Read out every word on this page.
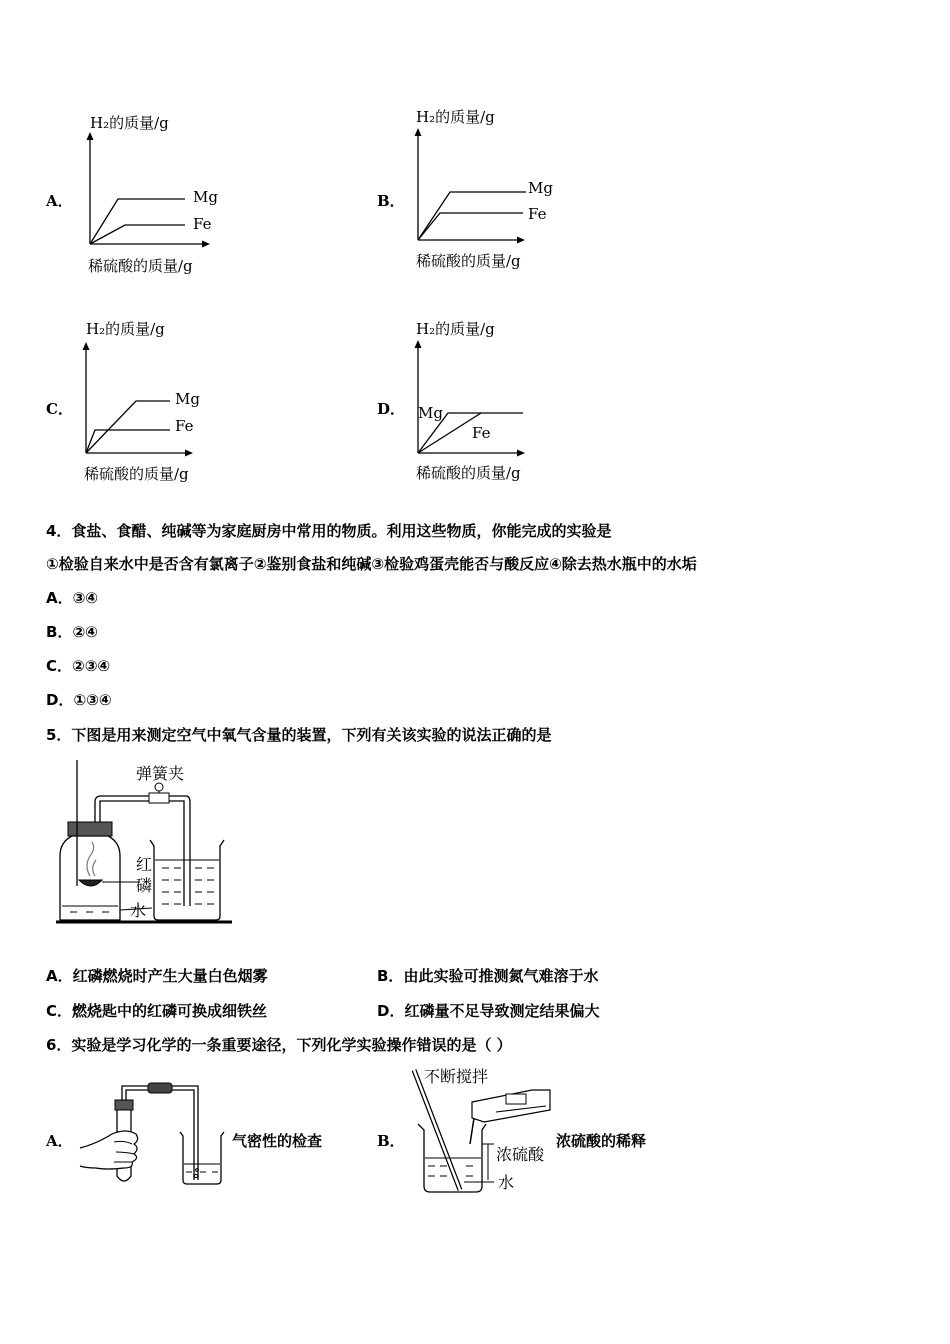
A．
H₂的质量/g
Mg
Fe
稀硫酸的质量/g
B．
H₂的质量/g
Mg
Fe
稀硫酸的质量/g
C．
H₂的质量/g
Mg
Fe
稀硫酸的质量/g
D．
H₂的质量/g
Mg
Fe
稀硫酸的质量/g
4．食盐、食醋、纯碱等为家庭厨房中常用的物质。利用这些物质，你能完成的实验是
①检验自来水中是否含有氯离子②鉴别食盐和纯碱③检验鸡蛋壳能否与酸反应④除去热水瓶中的水垢
A．③④
B．②④
C．②③④
D．①③④
5．下图是用来测定空气中氧气含量的装置，下列有关该实验的说法正确的是
弹簧夹
红
磷
水
A．红磷燃烧时产生大量白色烟雾	B．由此实验可推测氮气难溶于水
C．燃烧匙中的红磷可换成细铁丝	D．红磷量不足导致测定结果偏大
6．实验是学习化学的一条重要途径，下列化学实验操作错误的是（ ）
A．	气密性的检查	B．
不断搅拌
浓硫酸
水
浓硫酸的稀释
